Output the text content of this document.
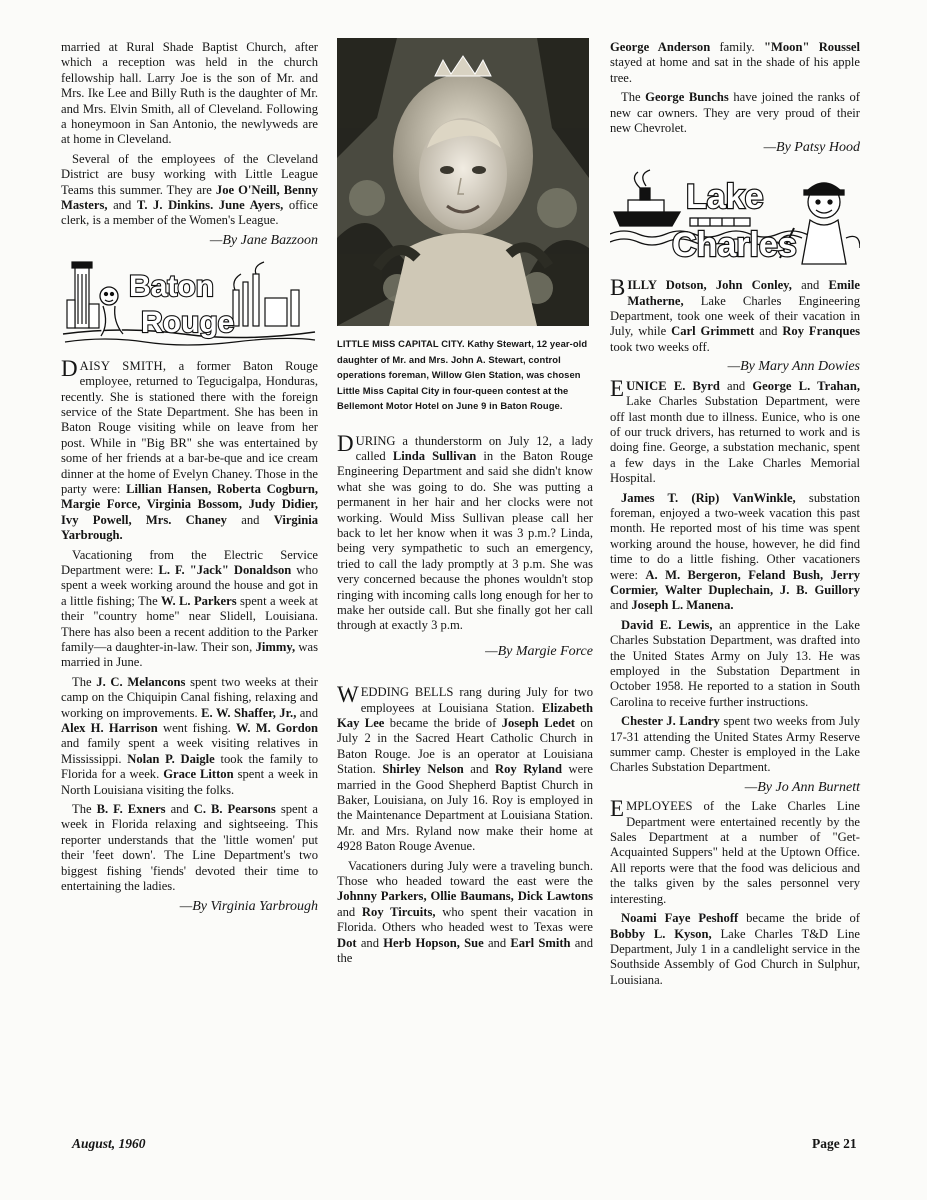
married at Rural Shade Baptist Church, after which a reception was held in the church fellowship hall. Larry Joe is the son of Mr. and Mrs. Ike Lee and Billy Ruth is the daughter of Mr. and Mrs. Elvin Smith, all of Cleveland. Following a honeymoon in San Antonio, the newlyweds are at home in Cleveland.

Several of the employees of the Cleveland District are busy working with Little League Teams this summer. They are Joe O'Neill, Benny Masters, and T. J. Dinkins. June Ayers, office clerk, is a member of the Women's League.

—By Jane Bazzoon
Baton
Rouge

DAISY SMITH, a former Baton Rouge employee, returned to Tegucigalpa, Honduras, recently. She is stationed there with the foreign service of the State Department. She has been in Baton Rouge visiting while on leave from her post. While in "Big BR" she was entertained by some of her friends at a bar-be-que and ice cream dinner at the home of Evelyn Chaney. Those in the party were: Lillian Hansen, Roberta Cogburn, Margie Force, Virginia Bossom, Judy Didier, Ivy Powell, Mrs. Chaney and Virginia Yarbrough.

Vacationing from the Electric Service Department were: L. F. "Jack" Donaldson who spent a week working around the house and got in a little fishing; The W. L. Parkers spent a week at their "country home" near Slidell, Louisiana. There has also been a recent addition to the Parker family—a daughter-in-law. Their son, Jimmy, was married in June.

The J. C. Melancons spent two weeks at their camp on the Chiquipin Canal fishing, relaxing and working on improvements. E. W. Shaffer, Jr., and Alex H. Harrison went fishing. W. M. Gordon and family spent a week visiting relatives in Mississippi. Nolan P. Daigle took the family to Florida for a week. Grace Litton spent a week in North Louisiana visiting the folks.

The B. F. Exners and C. B. Pearsons spent a week in Florida relaxing and sightseeing. This reporter understands that the 'little women' put their 'feet down'. The Line Department's two biggest fishing 'fiends' devoted their time to entertaining the ladies.

—By Virginia Yarbrough
LITTLE MISS CAPITAL CITY. Kathy Stewart, 12 year-old daughter of Mr. and Mrs. John A. Stewart, control operations foreman, Willow Glen Station, was chosen Little Miss Capital City in four-queen contest at the Bellemont Motor Hotel on June 9 in Baton Rouge.

DURING a thunderstorm on July 12, a lady called Linda Sullivan in the Baton Rouge Engineering Department and said she didn't know what she was going to do. She was putting a permanent in her hair and her clocks were not working. Would Miss Sullivan please call her back to let her know when it was 3 p.m.? Linda, being very sympathetic to such an emergency, tried to call the lady promptly at 3 p.m. She was very concerned because the phones wouldn't stop ringing with incoming calls long enough for her to make her outside call. But she finally got her call through at exactly 3 p.m.

—By Margie Force

WEDDING BELLS rang during July for two employees at Louisiana Station. Elizabeth Kay Lee became the bride of Joseph Ledet on July 2 in the Sacred Heart Catholic Church in Baton Rouge. Joe is an operator at Louisiana Station. Shirley Nelson and Roy Ryland were married in the Good Shepherd Baptist Church in Baker, Louisiana, on July 16. Roy is employed in the Maintenance Department at Louisiana Station. Mr. and Mrs. Ryland now make their home at 4928 Baton Rouge Avenue.

Vacationers during July were a traveling bunch. Those who headed toward the east were the Johnny Parkers, Ollie Baumans, Dick Lawtons and Roy Tircuits, who spent their vacation in Florida. Others who headed west to Texas were Dot and Herb Hopson, Sue and Earl Smith and the

George Anderson family. "Moon" Roussel stayed at home and sat in the shade of his apple tree.

The George Bunchs have joined the ranks of new car owners. They are very proud of their new Chevrolet.

—By Patsy Hood
Lake
Charles

BILLY Dotson, John Conley, and Emile Matherne, Lake Charles Engineering Department, took one week of their vacation in July, while Carl Grimmett and Roy Franques took two weeks off.

—By Mary Ann Dowies

EUNICE E. Byrd and George L. Trahan, Lake Charles Substation Department, were off last month due to illness. Eunice, who is one of our truck drivers, has returned to work and is doing fine. George, a substation mechanic, spent a few days in the Lake Charles Memorial Hospital.

James T. (Rip) VanWinkle, substation foreman, enjoyed a two-week vacation this past month. He reported most of his time was spent working around the house, however, he did find time to do a little fishing. Other vacationers were: A. M. Bergeron, Feland Bush, Jerry Cormier, Walter Duplechain, J. B. Guillory and Joseph L. Manena.

David E. Lewis, an apprentice in the Lake Charles Substation Department, was drafted into the United States Army on July 13. He was employed in the Substation Department in October 1958. He reported to a station in South Carolina to receive further instructions.

Chester J. Landry spent two weeks from July 17-31 attending the United States Army Reserve summer camp. Chester is employed in the Lake Charles Substation Department.

—By Jo Ann Burnett

EMPLOYEES of the Lake Charles Line Department were entertained recently by the Sales Department at a number of "Get-Acquainted Suppers" held at the Uptown Office. All reports were that the food was delicious and the talks given by the sales personnel very interesting.

Noami Faye Peshoff became the bride of Bobby L. Kyson, Lake Charles T&D Line Department, July 1 in a candlelight service in the Southside Assembly of God Church in Sulphur, Louisiana.

August, 1960	Page 21
